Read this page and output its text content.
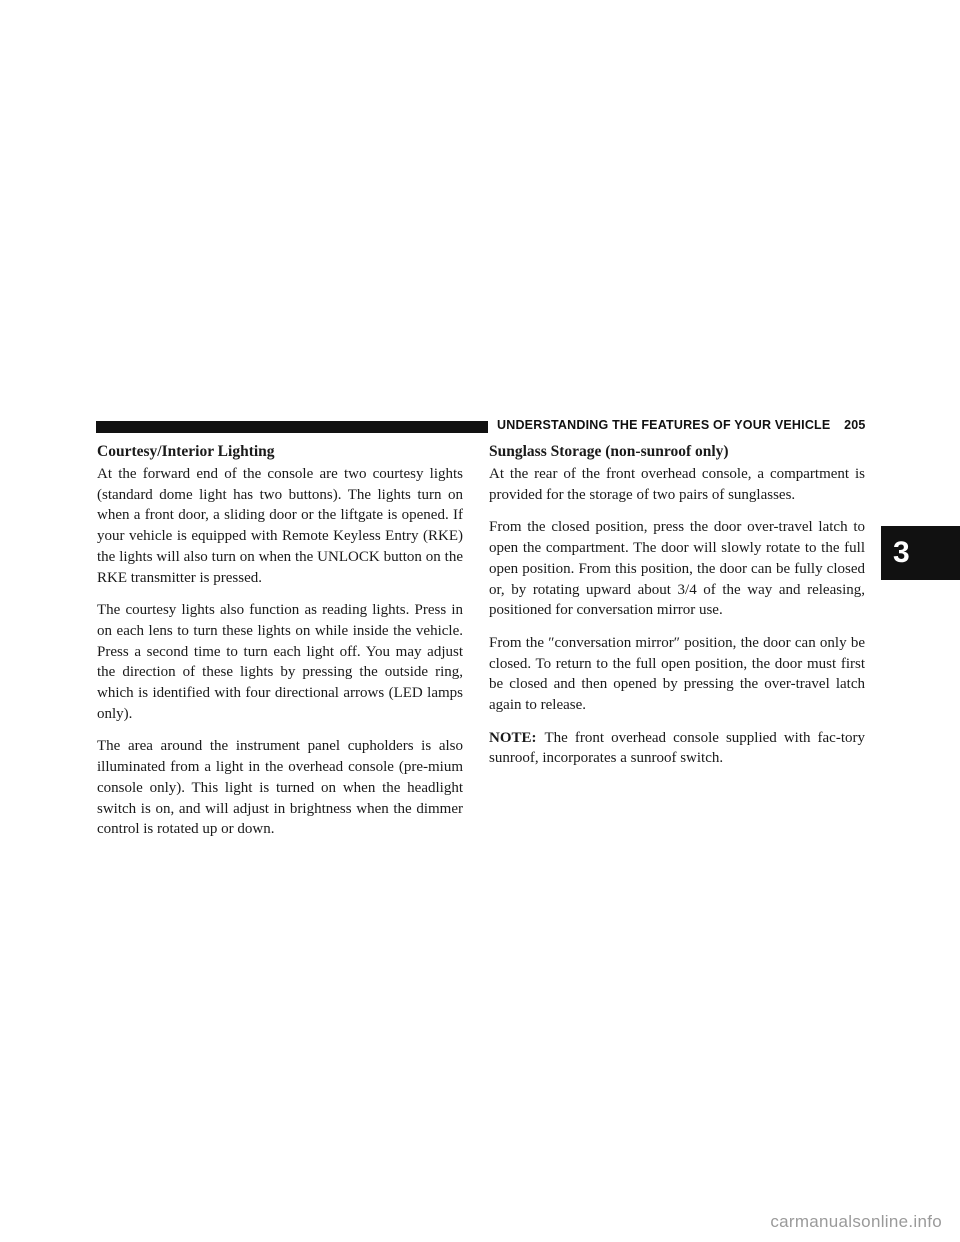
UNDERSTANDING THE FEATURES OF YOUR VEHICLE 205
Courtesy/Interior Lighting

At the forward end of the console are two courtesy lights (standard dome light has two buttons). The lights turn on when a front door, a sliding door or the liftgate is opened. If your vehicle is equipped with Remote Keyless Entry (RKE) the lights will also turn on when the UNLOCK button on the RKE transmitter is pressed.

The courtesy lights also function as reading lights. Press in on each lens to turn these lights on while inside the vehicle. Press a second time to turn each light off. You may adjust the direction of these lights by pressing the outside ring, which is identified with four directional arrows (LED lamps only).

The area around the instrument panel cupholders is also illuminated from a light in the overhead console (pre-mium console only). This light is turned on when the headlight switch is on, and will adjust in brightness when the dimmer control is rotated up or down.

Sunglass Storage (non-sunroof only)

At the rear of the front overhead console, a compartment is provided for the storage of two pairs of sunglasses.

From the closed position, press the door over-travel latch to open the compartment. The door will slowly rotate to the full open position. From this position, the door can be fully closed or, by rotating upward about 3/4 of the way and releasing, positioned for conversation mirror use.

From the ″conversation mirror″ position, the door can only be closed. To return to the full open position, the door must first be closed and then opened by pressing the over-travel latch again to release.

NOTE: The front overhead console supplied with fac-tory sunroof, incorporates a sunroof switch.

3
carmanualsonline.info
